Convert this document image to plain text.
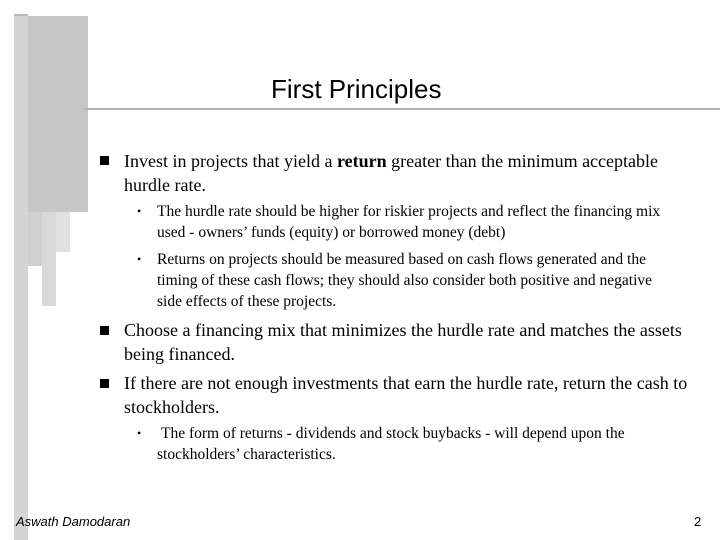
First Principles
Invest in projects that yield a return greater than the minimum acceptable hurdle rate.
• The hurdle rate should be higher for riskier projects and reflect the financing mix used - owners’ funds (equity) or borrowed money (debt)
• Returns on projects should be measured based on cash flows generated and the timing of these cash flows; they should also consider both positive and negative side effects of these projects.
Choose a financing mix that minimizes the hurdle rate and matches the assets being financed.
If there are not enough investments that earn the hurdle rate, return the cash to stockholders.
• The form of returns - dividends and stock buybacks - will depend upon the stockholders’ characteristics.
Aswath Damodaran	2
